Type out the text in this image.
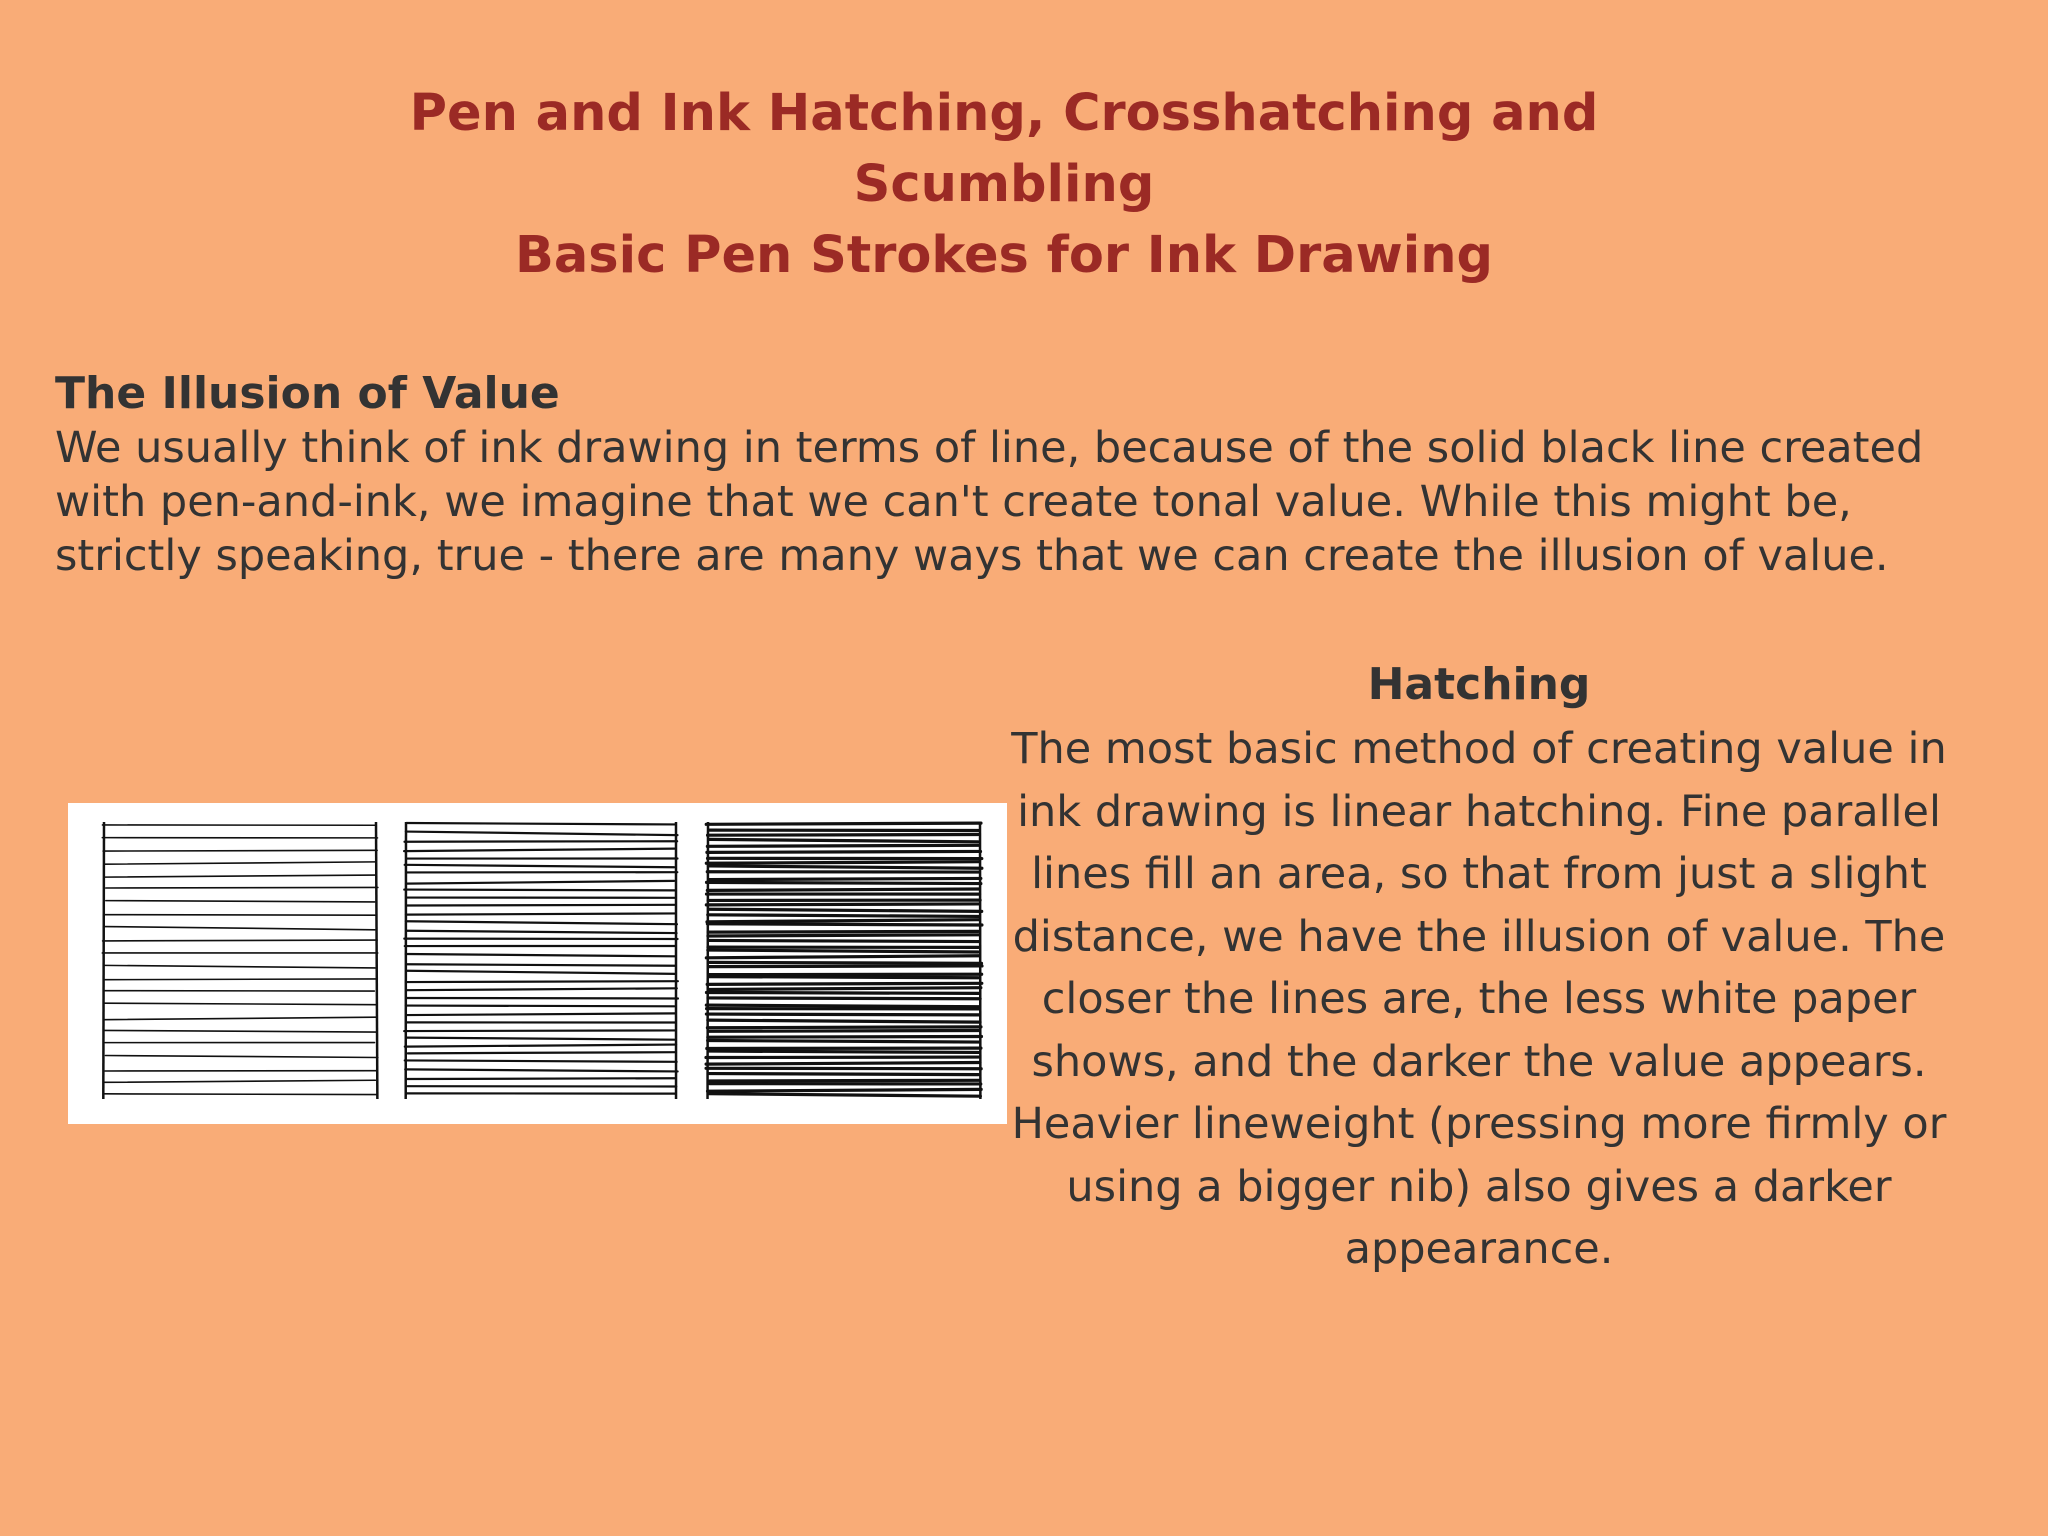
Pen and Ink Hatching, Crosshatching and
Scumbling
Basic Pen Strokes for Ink Drawing
The Illusion of Value
We usually think of ink drawing in terms of line, because of the solid black line created with pen-and-ink, we imagine that we can't create tonal value. While this might be, strictly speaking, true - there are many ways that we can create the illusion of value.
Hatching
The most basic method of creating value in ink drawing is linear hatching. Fine parallel lines fill an area, so that from just a slight distance, we have the illusion of value. The closer the lines are, the less white paper shows, and the darker the value appears. Heavier lineweight (pressing more firmly or using a bigger nib) also gives a darker appearance.
